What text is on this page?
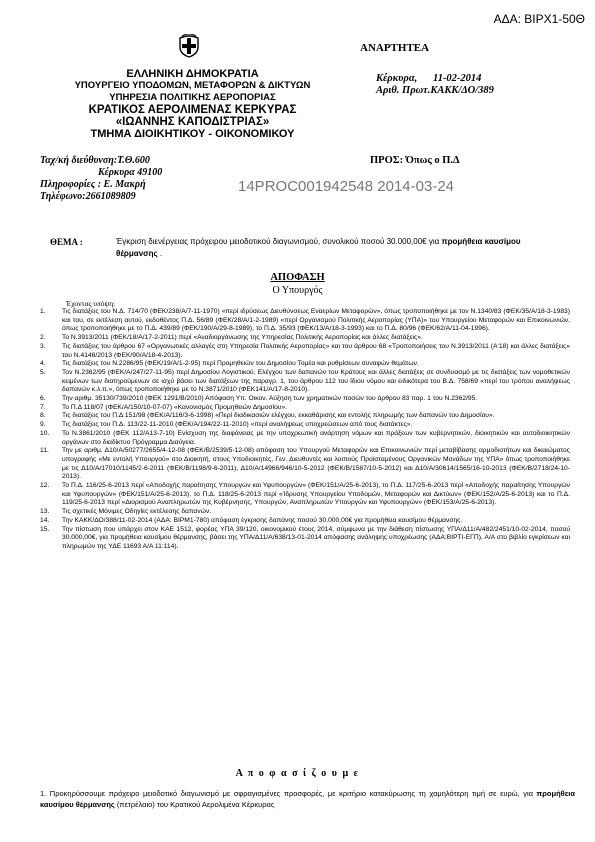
ΑΔΑ: ΒΙΡΧ1-50Θ
ΑΝΑΡΤΗΤΕΑ
ΕΛΛΗΝΙΚΗ ΔΗΜΟΚΡΑΤΙΑ
ΥΠΟΥΡΓΕΙΟ ΥΠΟΔΟΜΩΝ, ΜΕΤΑΦΟΡΩΝ & ΔΙΚΤΥΩΝ
ΥΠΗΡΕΣΙΑ ΠΟΛΙΤΙΚΗΣ ΑΕΡΟΠΟΡΙΑΣ
ΚΡΑΤΙΚΟΣ ΑΕΡΟΛΙΜΕΝΑΣ ΚΕΡΚΥΡΑΣ
«ΙΩΑΝΝΗΣ ΚΑΠΟΔΙΣΤΡΙΑΣ»
ΤΜΗΜΑ ΔΙΟΙΚΗΤΙΚΟΥ - ΟΙΚΟΝΟΜΙΚΟΥ
Ταχ/κή διεύθυνση:Τ.Θ.600
Κέρκυρα 49100
Πληροφορίες : Ε. Μακρή
Τηλέφωνο:2661089809
Κέρκυρα,      11-02-2014
Αριθ. Πρωτ.ΚΑΚΚ/ΔΟ/389
ΠΡΟΣ: Όπως ο Π.Δ
14PROC001942548 2014-03-24
ΘΕΜΑ :	Έγκριση διενέργειας πρόχειρου μειοδοτικού διαγωνισμού, συνολικού ποσού 30.000,00€ για προμήθεια καυσίμου θέρμανσης .
ΑΠΟΦΑΣΗ
Ο Υπουργός
Έχοντας υπόψη:
1. Τις διατάξεις του Ν.Δ. 714/70 (ΦΕΚ/238/Α/7-11-1970) «περί ιδρύσεως Διευθύνσεως Εναερίων Μεταφορών», όπως τροποποιήθηκε με τον Ν.1340/83 (ΦΕΚ/35/Α/18-3-1983) και του, σε εκτέλεση αυτού, εκδοθέντος Π.Δ. 56/89 (ΦΕΚ/28/Α/1-2-1989) «περί Οργανισμού Πολιτικής Αεροπορίας (ΥΠΑ)» του Υπουργείου Μεταφορών και Επικοινωνιών, όπως τροποποιήθηκε με το Π.Δ. 439/89 (ΦΕΚ/190/Α/29-8-1989), το Π.Δ. 35/93 (ΦΕΚ/13/Α/18-3-1993) και το Π.Δ. 80/96 (ΦΕΚ/62/Α/11-04-1996).
2. Το Ν.3913/2011 (ΦΕΚ/18/Α/17-2-2011) περί «Αναδιοργάνωσης της Υπηρεσίας Πολιτικής Αεροπορίας και άλλες διατάξεις».
3. Τις διατάξεις του άρθρου 67 «Οργανωτικές αλλαγές στη Υπηρεσία Πολιτικής Αεροπορίας» και του άρθρου 68 «Τροποποιήσεις του Ν.3913/2011 (Α'18) και άλλες διατάξεις» του Ν.4146/2013 (ΦΕΚ/90/Α/18-4-2013).
4. Τις διατάξεις του Ν.2286/95 (ΦΕΚ/19/Α/1-2-95) περί Προμηθειών του Δημοσίου Τομέα και ρυθμίσεων συναφών θεμάτων.
5. Τον Ν.2362/95 (ΦΕΚ/Α/247/27-11-95) περί Δημοσίου Λογιστικού, Ελέγχου των δαπανών του Κράτους και άλλες διατάξεις σε συνδυασμό με τις διατάξεις των νομοθετικών κειμένων των διατηρούμενων σε ισχύ βάσει των διατάξεων της παραγρ. 1, του άρθρου 112 του ίδιου νόμου και ειδικότερα του Β.Δ. 758/69 «περί του τρόπου αναλήψεως δαπανών κ.λ.π.», όπως τροποποιήθηκε με το Ν.3871/2010 (ΦΕΚ141/Α/17-8-2010).
6. Την αριθμ. 35130/739/2010 (ΦΕΚ 1291/Β/2010) Απόφαση Υπ. Οικον. Αύξηση των χρηματικών ποσών του άρθρου 83 παρ. 1 του Ν.2362/95.
7. Το Π.Δ 118/07 (ΦΕΚ/Α/150/10-07-07) «Κανονισμός Προμηθειών Δημοσίου».
8. Τις διατάξεις του Π.Δ 151/98 (ΦΕΚ/Α/116/3-6-1998) «Περί διαδικασιών ελέγχου, εκκαθάρισης και εντολής πληρωμής των δαπανών του Δημοσίου».
9. Τις διατάξεις του Π.Δ. 113/22-11-2010 (ΦΕΚ/Α/194/22-11-2010) «περί αναλήψεως υποχρεώσεων από τους διατάκτες».
10. Το Ν.3861/2010 (ΦΕΚ 112/Α13-7-10) Ενίσχυση της διαφάνειας με την υποχρεωτική ανάρτηση νόμων και πράξεων των κυβερνητικών, διοικητικών και αυτοδιοικητικών οργάνων στο διαδίκτυο Πρόγραμμα Διαύγεια.
11. Την με αριθμ. Δ10/Α/50277/2655/4-12-08 (ΦΕΚ/Β/2539/5-12-08) απόφαση του Υπουργού Μεταφορών και Επικοινωνιών περί μεταβίβασης αρμοδιοτήτων και δικαιώματος υπογραφής «Με εντολή Υπουργού» στο Διοικητή, στους Υποδιοικητές, Γεν. Διευθυντές και λοιπούς Προϊσταμένους Οργανικών Μονάδων της ΥΠΑ» όπως τροποποιήθηκε με τις Δ10/Α/17010/1145/2-6-2011 (ΦΕΚ/Β/1198/9-6-2011), Δ10/Α/14966/946/10-5-2012 (ΦΕΚ/Β/1587/10-5-2012) και Δ10/Α/30614/1565/16-10-2013 (ΦΕΚ/Β/2718/24-10-2013).
12. Το Π.Δ. 116/25-6-2013 περί «Αποδοχής παραίτησης Υπουργών και Υφυπουργών» (ΦΕΚ/151/Α/25-6-2013), το Π.Δ. 117/25-6-2013 περί «Αποδοχής παραίτησης Υπουργών και Υφυπουργών» (ΦΕΚ/151/Α/25-6-2013), το Π.Δ. 118/25-6-2013 περί «Ίδρυσης Υπουργείου Υποδομών, Μεταφορών και Δικτύων» (ΦΕΚ/152/Α/25-6-2013) και το Π.Δ. 119/25-6-2013 περί «Διορισμού Αναπληρωτών της Κυβέρνησης, Υπουργών, Αναπληρωτών Υπουργών και Υφυπουργών» (ΦΕΚ/153/Α/25-6-2013).
13. Τις σχετικές Μόνιμες Οδηγίες εκτέλεσης δαπανών.
14. Την ΚΑΚΚ/ΔΟ/388/11-02-2014 (ΑΔΑ: ΒΙΡΜ1-780) απόφαση έγκρισης δαπάνης ποσού 30.000,00€ για προμήθεια καυσίμου θέρμανσης.
15. Την πίστωση που υπάρχει στον ΚΑΕ 1512, φορέας ΥΠΑ 39/120, οικονομικού έτους 2014, σύμφωνα με την διάθεση πίστωσης ΥΠΑ/Δ11/Α/482/2451/10-02-2014, ποσού 30.000,00€, για προμήθεια καυσίμου θέρμανσης, βάσει της ΥΠΑ/Δ11/Α/638/13-01-2014 απόφασης ανάληψης υποχρέωσης (ΑΔΑ:ΒΙΡΤΙ-ΕΓΠ), Α/Α στο βιβλίο εγκρίσεων και πληρωμών της ΥΔΕ 11693 Α/Α 11:114).
Α π ο φ α σ ί ζ ο υ μ ε
1. Προκηρύσσουμε πρόχειρο μειοδοτικό διαγωνισμό με σφραγισμένες προσφορές, με κριτήριο κατακύρωσης τη χαμηλότερη τιμή σε ευρώ, για προμήθεια καυσίμου θέρμανσης (πετρέλαιο) του Κρατικού Αερολιμένα Κέρκυρας
